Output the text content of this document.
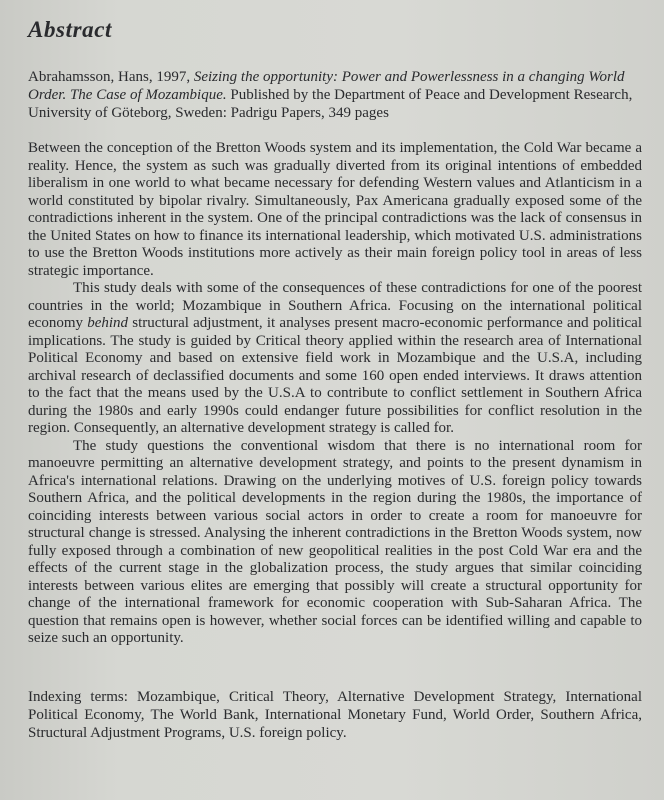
Abstract

Abrahamsson, Hans, 1997, Seizing the opportunity: Power and Powerlessness in a changing World Order. The Case of Mozambique. Published by the Department of Peace and Development Research, University of Göteborg, Sweden: Padrigu Papers, 349 pages

Between the conception of the Bretton Woods system and its implementation, the Cold War became a reality. Hence, the system as such was gradually diverted from its original intentions of embedded liberalism in one world to what became necessary for defending Western values and Atlanticism in a world constituted by bipolar rivalry. Simultaneously, Pax Americana gradually exposed some of the contradictions inherent in the system. One of the principal contradictions was the lack of consensus in the United States on how to finance its international leadership, which motivated U.S. administrations to use the Bretton Woods institutions more actively as their main foreign policy tool in areas of less strategic importance.

This study deals with some of the consequences of these contradictions for one of the poorest countries in the world; Mozambique in Southern Africa. Focusing on the international political economy behind structural adjustment, it analyses present macro-economic performance and political implications. The study is guided by Critical theory applied within the research area of International Political Economy and based on extensive field work in Mozambique and the U.S.A, including archival research of declassified documents and some 160 open ended interviews. It draws attention to the fact that the means used by the U.S.A to contribute to conflict settlement in Southern Africa during the 1980s and early 1990s could endanger future possibilities for conflict resolution in the region. Consequently, an alternative development strategy is called for.

The study questions the conventional wisdom that there is no international room for manoeuvre permitting an alternative development strategy, and points to the present dynamism in Africa's international relations. Drawing on the underlying motives of U.S. foreign policy towards Southern Africa, and the political developments in the region during the 1980s, the importance of coinciding interests between various social actors in order to create a room for manoeuvre for structural change is stressed. Analysing the inherent contradictions in the Bretton Woods system, now fully exposed through a combination of new geopolitical realities in the post Cold War era and the effects of the current stage in the globalization process, the study argues that similar coinciding interests between various elites are emerging that possibly will create a structural opportunity for change of the international framework for economic cooperation with Sub-Saharan Africa. The question that remains open is however, whether social forces can be identified willing and capable to seize such an opportunity.

Indexing terms: Mozambique, Critical Theory, Alternative Development Strategy, International Political Economy, The World Bank, International Monetary Fund, World Order, Southern Africa, Structural Adjustment Programs, U.S. foreign policy.
